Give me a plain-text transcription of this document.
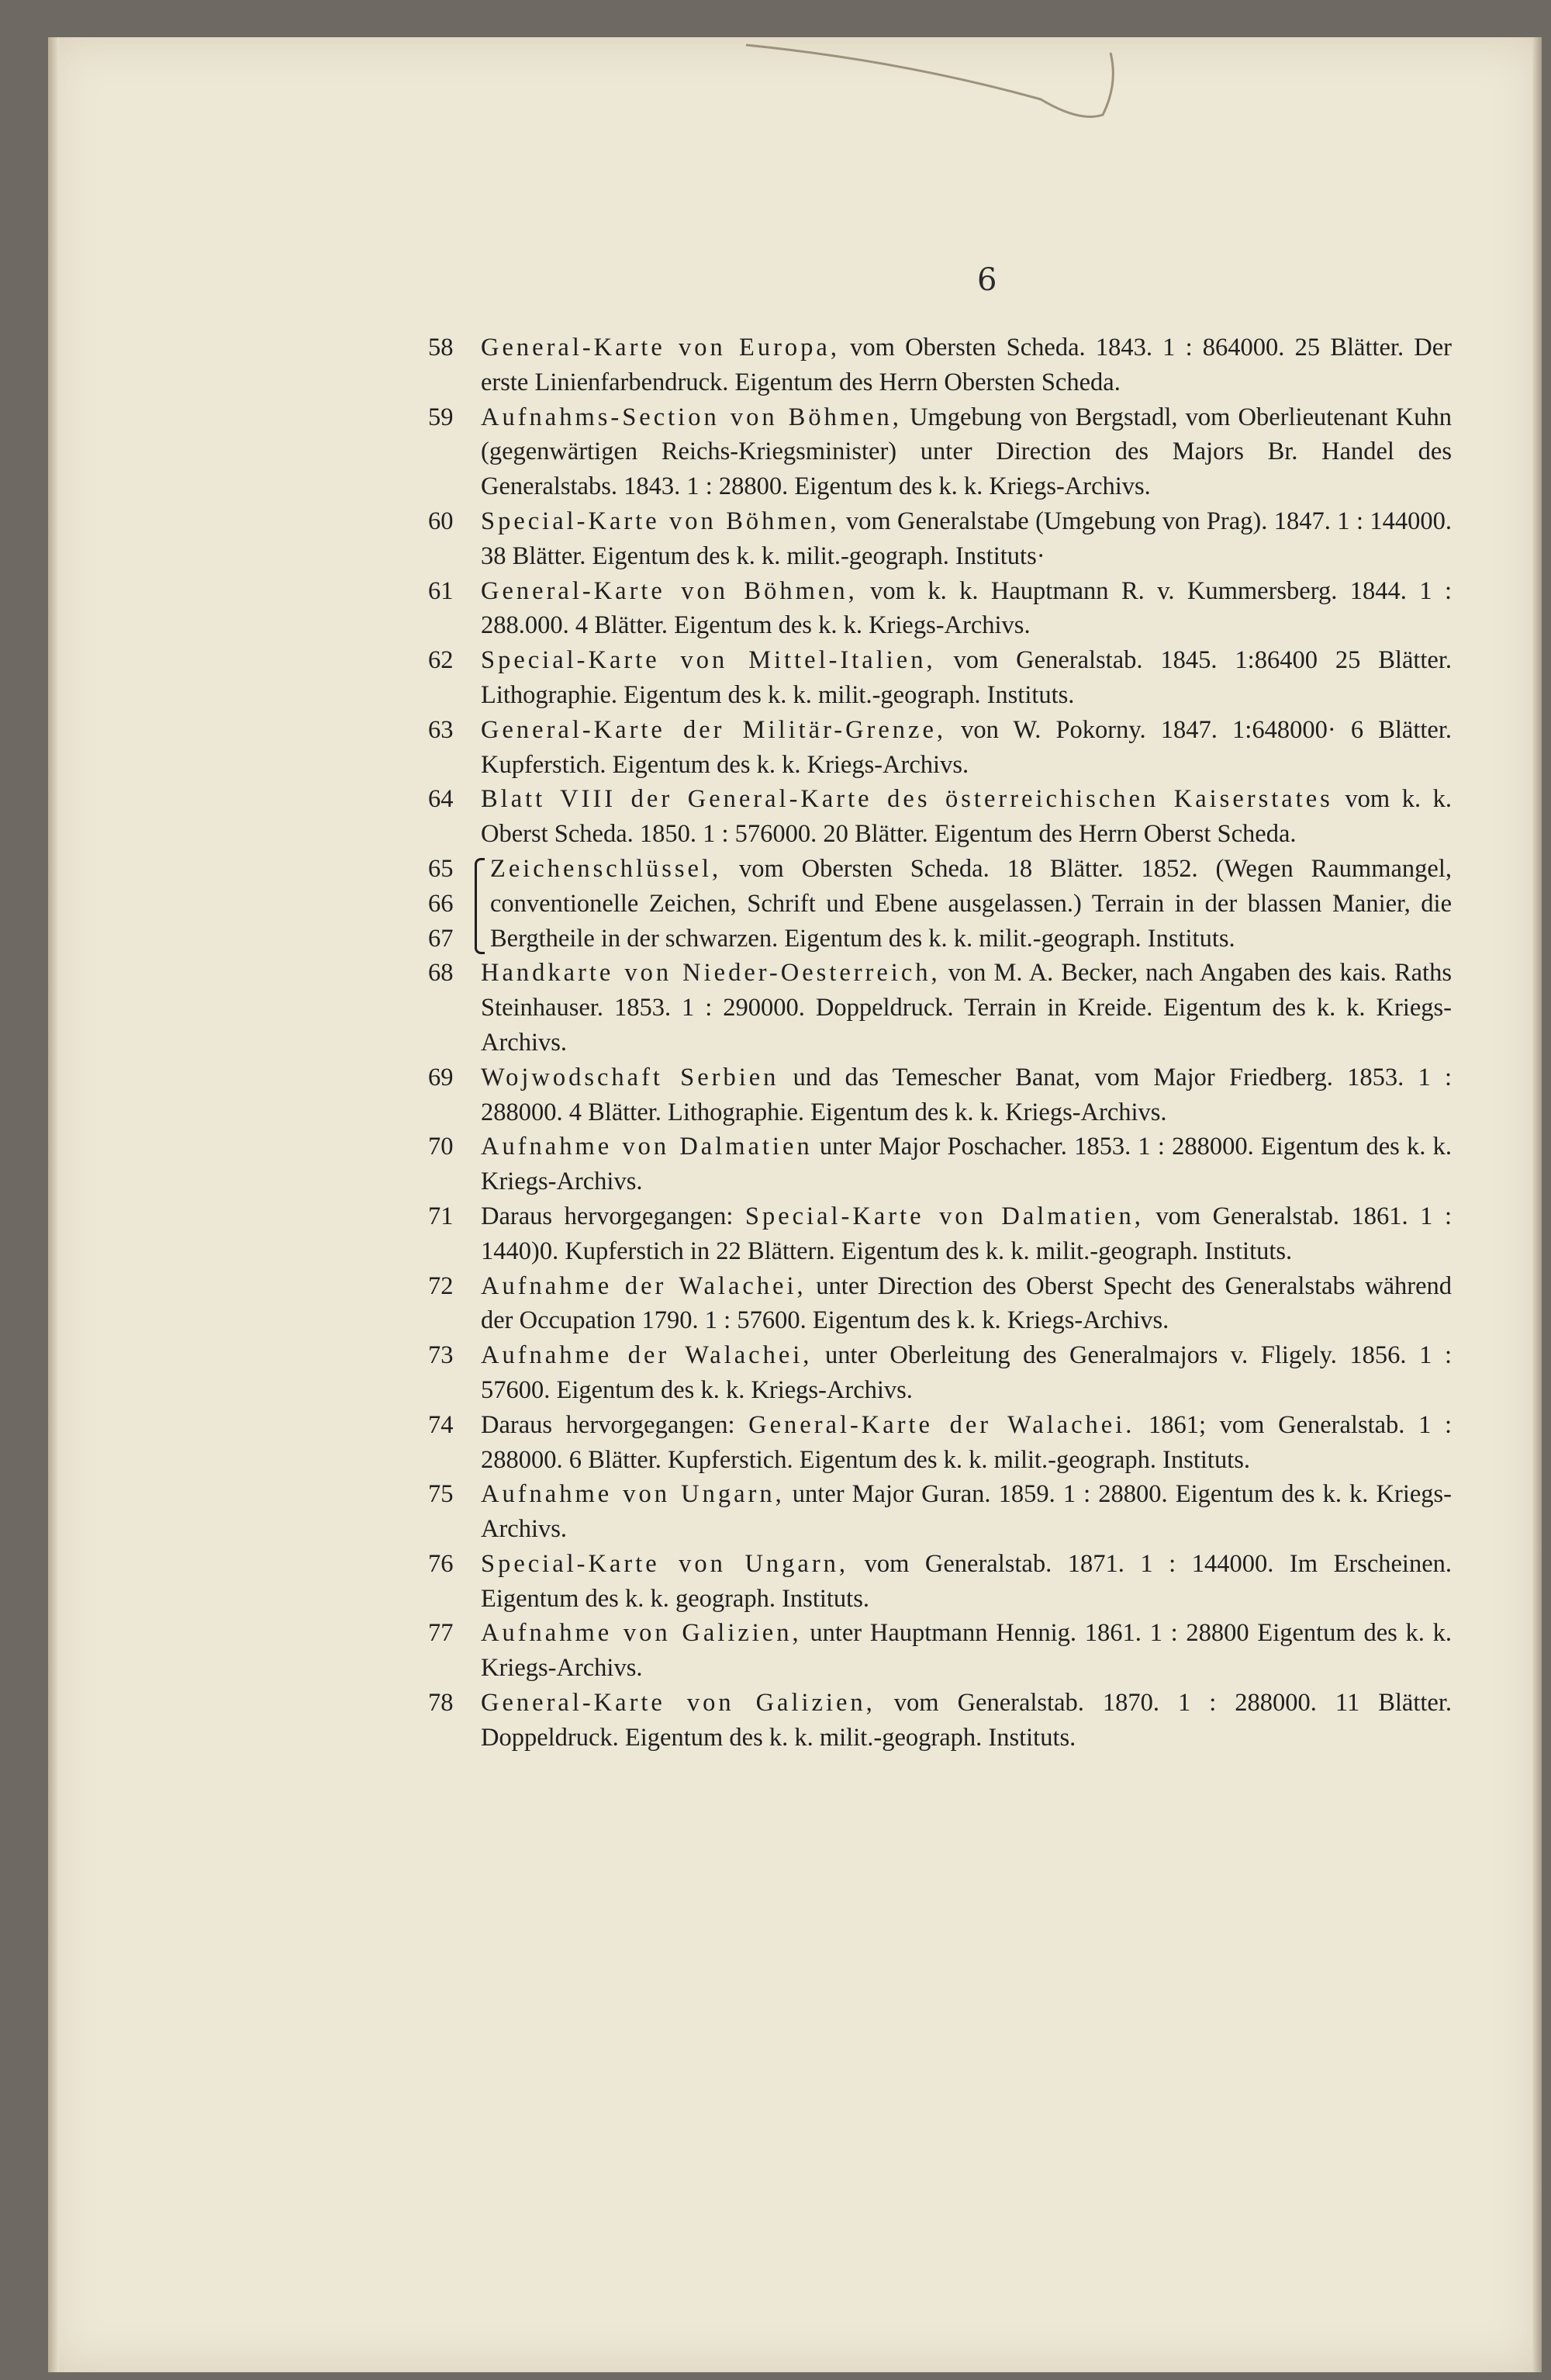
6
58 General-Karte von Europa, vom Obersten Scheda. 1843. 1 : 864000. 25 Blätter. Der erste Linienfarbendruck. Eigentum des Herrn Obersten Scheda.

59 Aufnahms-Section von Böhmen, Umgebung von Bergstadl, vom Oberlieutenant Kuhn (gegenwärtigen Reichs-Kriegsminister) unter Direction des Majors Br. Handel des Generalstabs. 1843. 1 : 28800. Eigentum des k. k. Kriegs-Archivs.

60 Special-Karte von Böhmen, vom Generalstabe (Umgebung von Prag). 1847. 1 : 144000. 38 Blätter. Eigentum des k. k. milit.-geograph. Instituts·

61 General-Karte von Böhmen, vom k. k. Hauptmann R. v. Kummersberg. 1844. 1 : 288.000. 4 Blätter. Eigentum des k. k. Kriegs-Archivs.

62 Special-Karte von Mittel-Italien, vom Generalstab. 1845. 1:86400 25 Blätter. Lithographie. Eigentum des k. k. milit.-geograph. Instituts.

63 General-Karte der Militär-Grenze, von W. Pokorny. 1847. 1:648000· 6 Blätter. Kupferstich. Eigentum des k. k. Kriegs-Archivs.

64 Blatt VIII der General-Karte des österreichischen Kaiserstates vom k. k. Oberst Scheda. 1850. 1 : 576000. 20 Blätter. Eigentum des Herrn Oberst Scheda.

65
66
67

Zeichenschlüssel, vom Obersten Scheda. 18 Blätter. 1852. (Wegen Raummangel, conventionelle Zeichen, Schrift und Ebene ausgelassen.) Terrain in der blassen Manier, die Bergtheile in der schwarzen. Eigentum des k. k. milit.-geograph. Instituts.

68 Handkarte von Nieder-Oesterreich, von M. A. Becker, nach Angaben des kais. Raths Steinhauser. 1853. 1 : 290000. Doppeldruck. Terrain in Kreide. Eigentum des k. k. Kriegs-Archivs.

69 Wojwodschaft Serbien und das Temescher Banat, vom Major Friedberg. 1853. 1 : 288000. 4 Blätter. Lithographie. Eigentum des k. k. Kriegs-Archivs.

70 Aufnahme von Dalmatien unter Major Poschacher. 1853. 1 : 288000. Eigentum des k. k. Kriegs-Archivs.

71 Daraus hervorgegangen: Special-Karte von Dalmatien, vom Generalstab. 1861. 1 : 1440)0. Kupferstich in 22 Blättern. Eigentum des k. k. milit.-geograph. Instituts.

72 Aufnahme der Walachei, unter Direction des Oberst Specht des Generalstabs während der Occupation 1790. 1 : 57600. Eigentum des k. k. Kriegs-Archivs.

73 Aufnahme der Walachei, unter Oberleitung des Generalmajors v. Fligely. 1856. 1 : 57600. Eigentum des k. k. Kriegs-Archivs.

74 Daraus hervorgegangen: General-Karte der Walachei. 1861; vom Generalstab. 1 : 288000. 6 Blätter. Kupferstich. Eigentum des k. k. milit.-geograph. Instituts.

75 Aufnahme von Ungarn, unter Major Guran. 1859. 1 : 28800. Eigentum des k. k. Kriegs-Archivs.

76 Special-Karte von Ungarn, vom Generalstab. 1871. 1 : 144000. Im Erscheinen. Eigentum des k. k. geograph. Instituts.

77 Aufnahme von Galizien, unter Hauptmann Hennig. 1861. 1 : 28800 Eigentum des k. k. Kriegs-Archivs.

78 General-Karte von Galizien, vom Generalstab. 1870. 1 : 288000. 11 Blätter. Doppeldruck. Eigentum des k. k. milit.-geograph. Instituts.
